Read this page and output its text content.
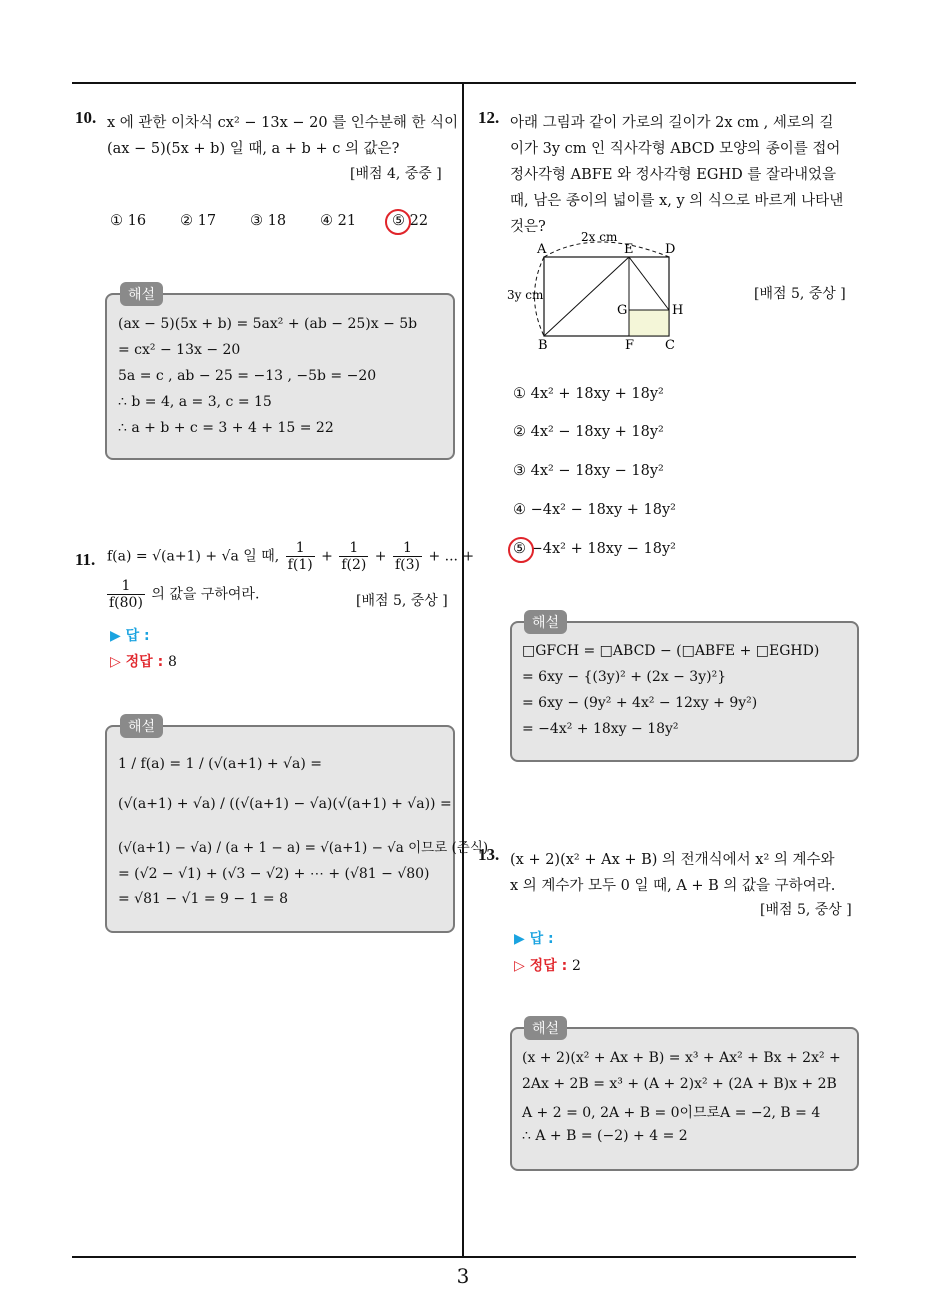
10. x 에 관한 이차식 cx² − 13x − 20 를 인수분해 한 식이
(ax − 5)(5x + b) 일 때, a + b + c 의 값은?
[배점 4, 중중 ]
① 16 ② 17 ③ 18 ④ 21 ⑤ 22
해설
(ax − 5)(5x + b) = 5ax² + (ab − 25)x − 5b
= cx² − 13x − 20
5a = c , ab − 25 = −13 , −5b = −20
∴ b = 4, a = 3, c = 15
∴ a + b + c = 3 + 4 + 15 = 22
11. f(a) = √(a+1) + √a 일 때, $\frac{1}{f(1)} + \frac{1}{f(2)} + \frac{1}{f(3)}$ + ... +
$\frac{1}{f(80)}$ 의 값을 구하여라.	[배점 5, 중상 ]
▶ 답 :
▷ 정답 : 8
해설
1 / f(a) = 1 / (√(a+1) + √a) =
(√(a+1) + √a) / ((√(a+1) − √a)(√(a+1) + √a)) =
(√(a+1) − √a) / (a + 1 − a) = √(a+1) − √a 이므로 (준식)
= (√2 − √1) + (√3 − √2) + ⋯ + (√81 − √80)
= √81 − √1 = 9 − 1 = 8
12. 아래 그림과 같이 가로의 길이가 2x cm , 세로의 길
이가 3y cm 인 직사각형 ABCD 모양의 종이를 접어
정사각형 ABFE 와 정사각형 EGHD 를 잘라내었을
때, 남은 종이의 넓이를 x, y 의 식으로 바르게 나타낸
것은?
2x cm
3y cm
A	E D
G	H
B	F C
[배점 5, 중상 ]
① 4x² + 18xy + 18y²
② 4x² − 18xy + 18y²
③ 4x² − 18xy − 18y²
④ −4x² − 18xy + 18y²
⑤ −4x² + 18xy − 18y²
해설
□GFCH = □ABCD − (□ABFE + □EGHD)
= 6xy − {(3y)² + (2x − 3y)²}
= 6xy − (9y² + 4x² − 12xy + 9y²)
= −4x² + 18xy − 18y²
13. (x + 2)(x² + Ax + B) 의 전개식에서 x² 의 계수와
x 의 계수가 모두 0 일 때, A + B 의 값을 구하여라.
[배점 5, 중상 ]
▶ 답 :
▷ 정답 : 2
해설
(x + 2)(x² + Ax + B) = x³ + Ax² + Bx + 2x² +
2Ax + 2B = x³ + (A + 2)x² + (2A + B)x + 2B
A + 2 = 0, 2A + B = 0이므로A = −2, B = 4
∴ A + B = (−2) + 4 = 2
3
